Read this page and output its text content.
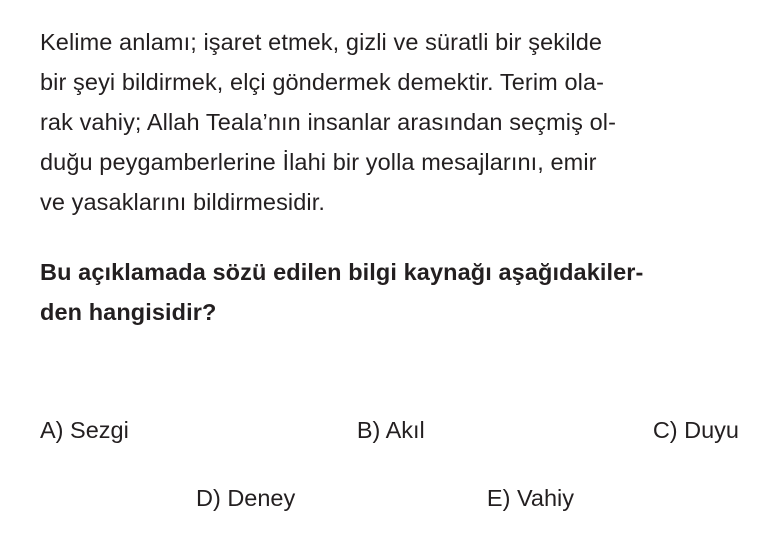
Kelime anlamı; işaret etmek, gizli ve süratli bir şekilde
bir şeyi bildirmek, elçi göndermek demektir. Terim ola-
rak vahiy; Allah Teala’nın insanlar arasından seçmiş ol-
duğu peygamberlerine İlahi bir yolla mesajlarını, emir
ve yasaklarını bildirmesidir.
Bu açıklamada sözü edilen bilgi kaynağı aşağıdakiler-
den hangisidir?
A) Sezgi	B) Akıl	C) Duyu
D) Deney	E) Vahiy
